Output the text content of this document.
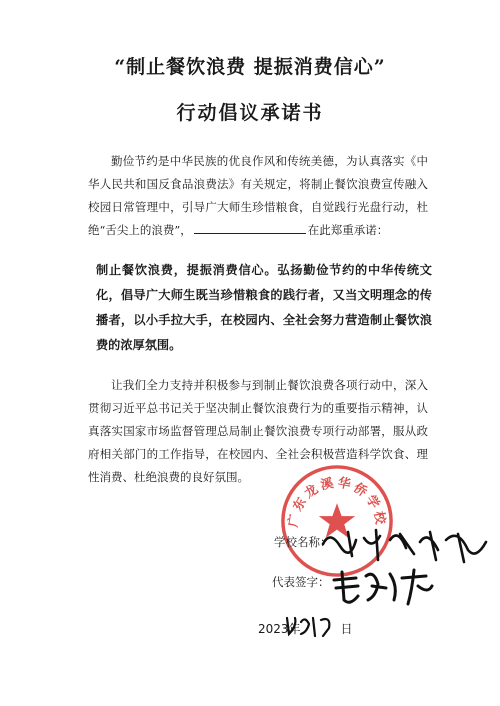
“制止餐饮浪费 提振消费信心”
行动倡议承诺书
勤俭节约是中华民族的优良作风和传统美德，为认真落实《中华人民共和国反食品浪费法》有关规定，将制止餐饮浪费宣传融入校园日常管理中，引导广大师生珍惜粮食，自觉践行光盘行动，杜绝“舌尖上的浪费”，	在此郑重承诺：
制止餐饮浪费，提振消费信心。弘扬勤俭节约的中华传统文化，倡导广大师生既当珍惜粮食的践行者，又当文明理念的传播者，以小手拉大手，在校园内、全社会努力营造制止餐饮浪费的浓厚氛围。
让我们全力支持并积极参与到制止餐饮浪费各项行动中，深入贯彻习近平总书记关于坚决制止餐饮浪费行为的重要指示精神，认真落实国家市场监督管理总局制止餐饮浪费专项行动部署，服从政府相关部门的工作指导，在校园内、全社会积极营造科学饮食、理性消费、杜绝浪费的良好氛围。
广东龙溪华侨学校
学校名称：
代表签字：
2023年	日
